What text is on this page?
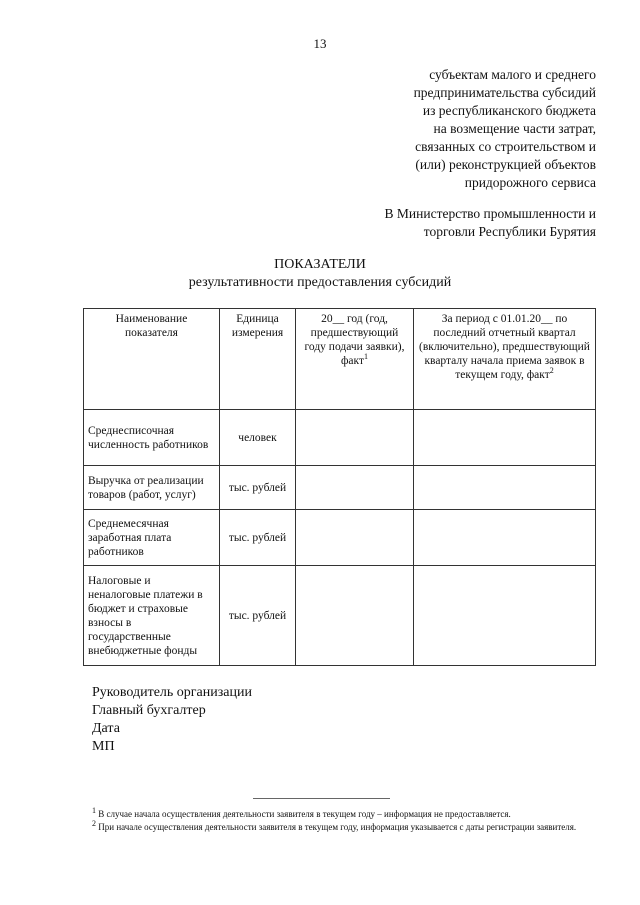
13
субъектам малого и среднего
предпринимательства субсидий
из республиканского бюджета
на возмещение части затрат,
связанных со строительством и
(или) реконструкцией объектов
придорожного сервиса
В Министерство промышленности и
торговли Республики Бурятия
ПОКАЗАТЕЛИ
результативности предоставления субсидий
Наименование показателя	Единица измерения	20__ год (год, предшествующий году подачи заявки), факт$^1$	За период с 01.01.20__ по последний отчетный квартал (включительно), предшествующий кварталу начала приема заявок в текущем году, факт$^2$
Среднесписочная численность работников	человек		
Выручка от реализации товаров (работ, услуг)	тыс. рублей		
Среднемесячная заработная плата работников	тыс. рублей		
Налоговые и неналоговые платежи в бюджет и страховые взносы в государственные внебюджетные фонды	тыс. рублей		
Руководитель организации
Главный бухгалтер
Дата
МП
$^1$ В случае начала осуществления деятельности заявителя в текущем году – информация не предоставляется.
$^2$ При начале осуществления деятельности заявителя в текущем году, информация указывается с даты регистрации заявителя.
